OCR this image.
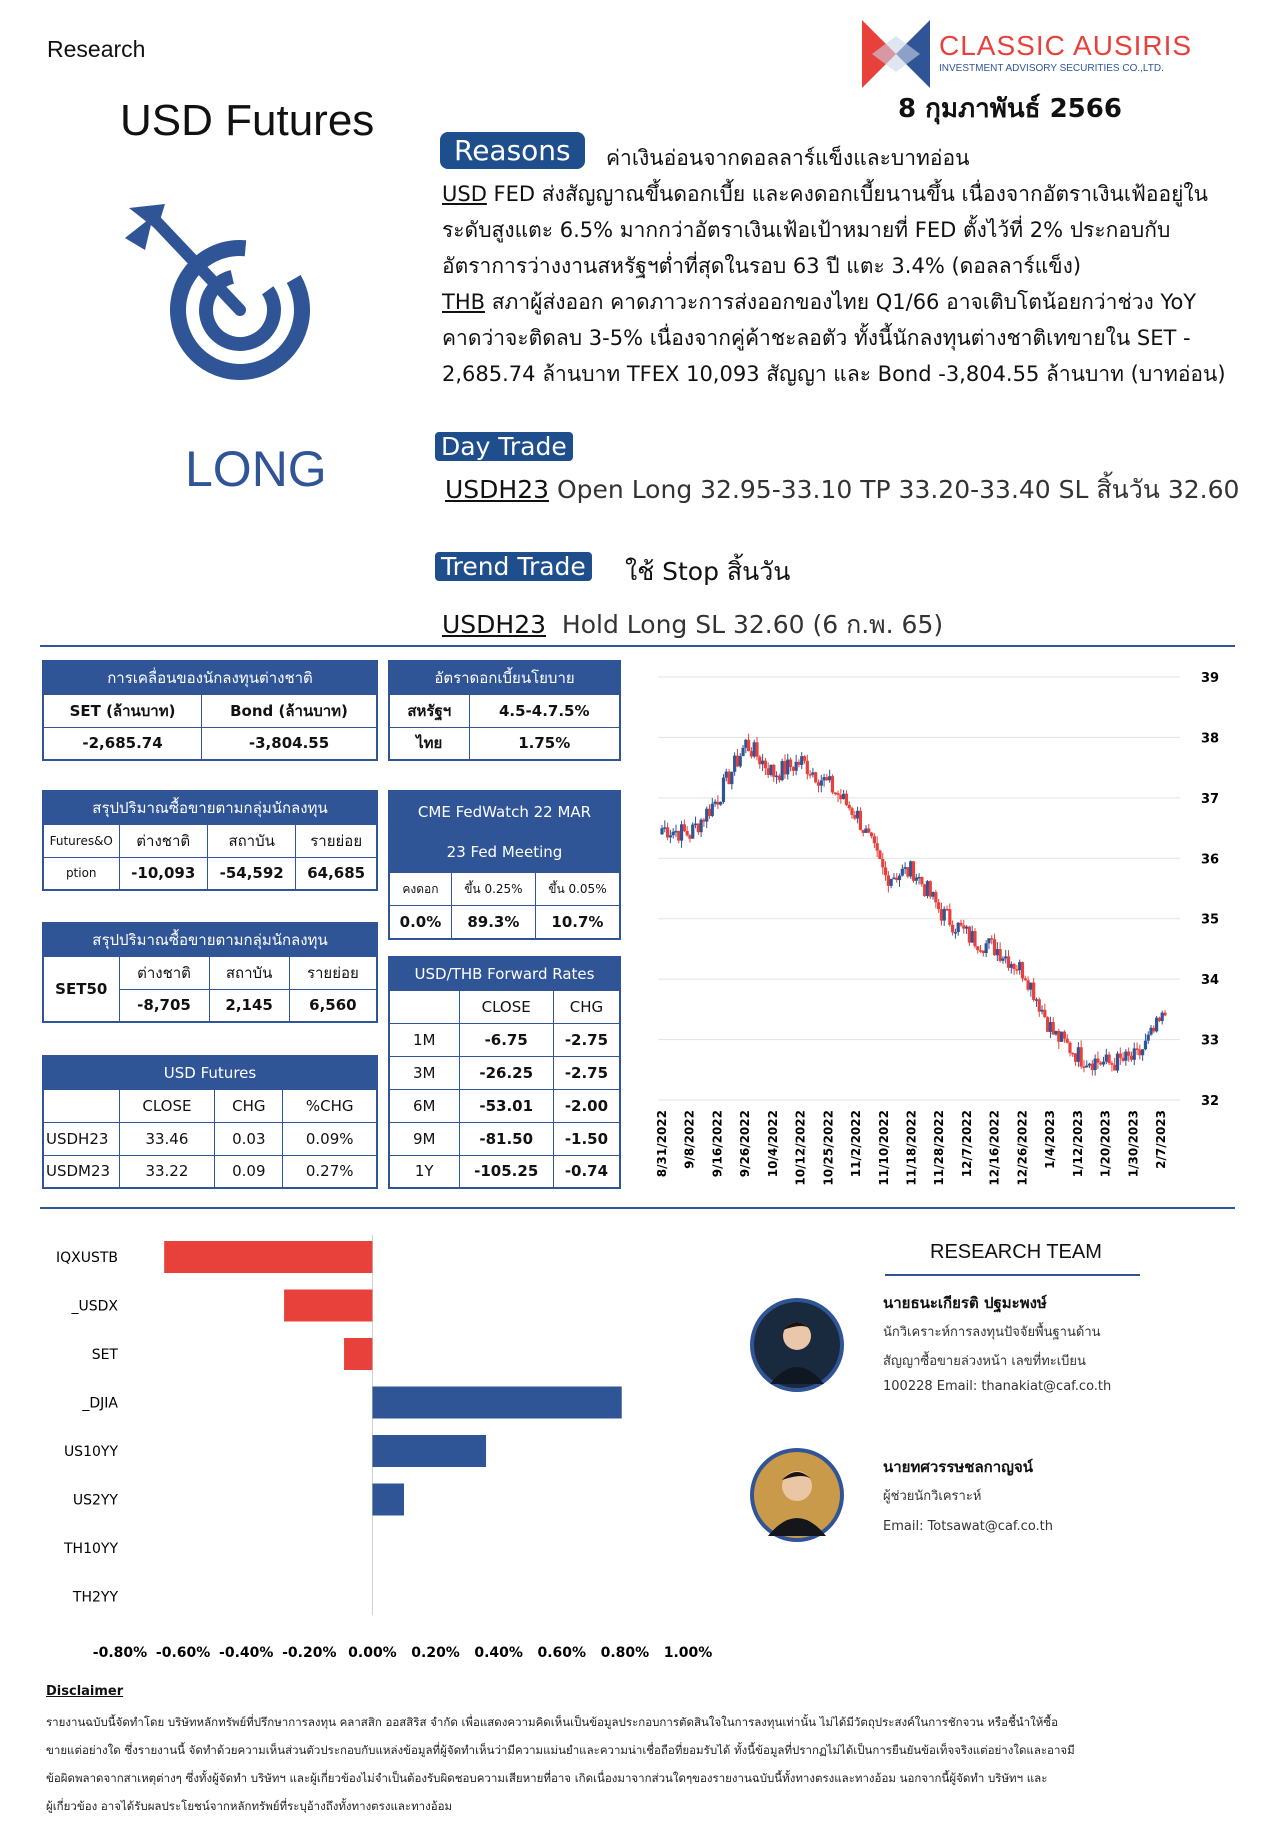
Research
USD Futures
CLASSIC AUSIRIS
INVESTMENT ADVISORY SECURITIES CO.,LTD.
8 กุมภาพันธ์ 2566
LONG
Reasons	ค่าเงินอ่อนจากดอลลาร์แข็งและบาทอ่อน
USD FED ส่งสัญญาณขึ้นดอกเบี้ย และคงดอกเบี้ยนานขึ้น เนื่องจากอัตราเงินเฟ้ออยู่ใน
ระดับสูงแตะ 6.5% มากกว่าอัตราเงินเฟ้อเป้าหมายที่ FED ตั้งไว้ที่ 2% ประกอบกับ
อัตราการว่างงานสหรัฐฯต่ำที่สุดในรอบ 63 ปี แตะ 3.4% (ดอลลาร์แข็ง)
THB สภาผู้ส่งออก คาดภาวะการส่งออกของไทย Q1/66 อาจเติบโตน้อยกว่าช่วง YoY
คาดว่าจะติดลบ 3-5% เนื่องจากคู่ค้าชะลอตัว ทั้งนี้นักลงทุนต่างชาติเทขายใน SET -
2,685.74 ล้านบาท TFEX 10,093 สัญญา และ Bond -3,804.55 ล้านบาท (บาทอ่อน)
Day Trade
USDH23 Open Long 32.95-33.10 TP 33.20-33.40 SL สิ้นวัน 32.60
Trend Trade ใช้ Stop สิ้นวัน
USDH23  Hold Long SL 32.60 (6 ก.พ. 65)
การเคลื่อนของนักลงทุนต่างชาติ	
SET (ล้านบาท)	Bond (ล้านบาท)
-2,685.74	-3,804.55
อัตราดอกเบี้ยนโยบาย	
สหรัฐฯ	4.5-4.7.5%
ไทย	1.75%
สรุปปริมาณซื้อขายตามกลุ่มนักลงทุน			
Futures&O	ต่างชาติ	สถาบัน	รายย่อย
ption	-10,093	-54,592	64,685
CME FedWatch 22 MAR
23 Fed Meeting		
คงดอก	ขึ้น 0.25%	ขึ้น 0.05%
0.0%	89.3%	10.7%
สรุปปริมาณซื้อขายตามกลุ่มนักลงทุน			
SET50	ต่างชาติ	สถาบัน	รายย่อย
	-8,705	2,145	6,560
USD/THB Forward Rates		
	CLOSE	CHG
1M	-6.75	-2.75
3M	-26.25	-2.75
6M	-53.01	-2.00
9M	-81.50	-1.50
1Y	-105.25	-0.74
USD Futures			
	CLOSE	CHG	%CHG
USDH23	33.46	0.03	0.09%
USDM23	33.22	0.09	0.27%
39
38
37
36
35
34
33
32
8/31/2022 9/8/2022 9/16/2022 9/26/2022 10/4/2022 10/12/2022 10/25/2022 11/2/2022 11/10/2022 11/18/2022 11/28/2022 12/7/2022 12/16/2022 12/26/2022 1/4/2023 1/12/2023 1/20/2023 1/30/2023 2/7/2023
IQXUSTB
_USDX
SET
_DJIA
US10YY
US2YY
TH10YY
TH2YY
-0.80% -0.60% -0.40% -0.20% 0.00% 0.20% 0.40% 0.60% 0.80% 1.00%
RESEARCH TEAM
นายธนะเกียรติ ปฐมะพงษ์
นักวิเคราะห์การลงทุนปัจจัยพื้นฐานด้าน
สัญญาซื้อขายล่วงหน้า เลขที่ทะเบียน
100228 Email: thanakiat@caf.co.th
นายทศวรรษชลกาญจน์
ผู้ช่วยนักวิเคราะห์
Email: Totsawat@caf.co.th
Disclaimer
รายงานฉบับนี้จัดทำโดย บริษัทหลักทรัพย์ที่ปรึกษาการลงทุน คลาสสิก ออสสิริส จำกัด เพื่อแสดงความคิดเห็นเป็นข้อมูลประกอบการตัดสินใจในการลงทุนเท่านั้น ไม่ได้มีวัตถุประสงค์ในการชักจวน หรือชี้นำให้ซื้อ
ขายแต่อย่างใด ซึ่งรายงานนี้ จัดทำด้วยความเห็นส่วนตัวประกอบกับแหล่งข้อมูลที่ผู้จัดทำเห็นว่ามีความแม่นยำและความน่าเชื่อถือที่ยอมรับได้ ทั้งนี้ข้อมูลที่ปรากฏไม่ได้เป็นการยืนยันข้อเท็จจริงแต่อย่างใดและอาจมี
ข้อผิดพลาดจากสาเหตุต่างๆ ซึ่งทั้งผู้จัดทำ บริษัทฯ และผู้เกี่ยวข้องไม่จำเป็นต้องรับผิดชอบความเสียหายที่อาจ เกิดเนื่องมาจากส่วนใดๆของรายงานฉบับนี้ทั้งทางตรงและทางอ้อม นอกจากนี้ผู้จัดทำ บริษัทฯ และ
ผู้เกี่ยวข้อง อาจได้รับผลประโยชน์จากหลักทรัพย์ที่ระบุอ้างถึงทั้งทางตรงและทางอ้อม
